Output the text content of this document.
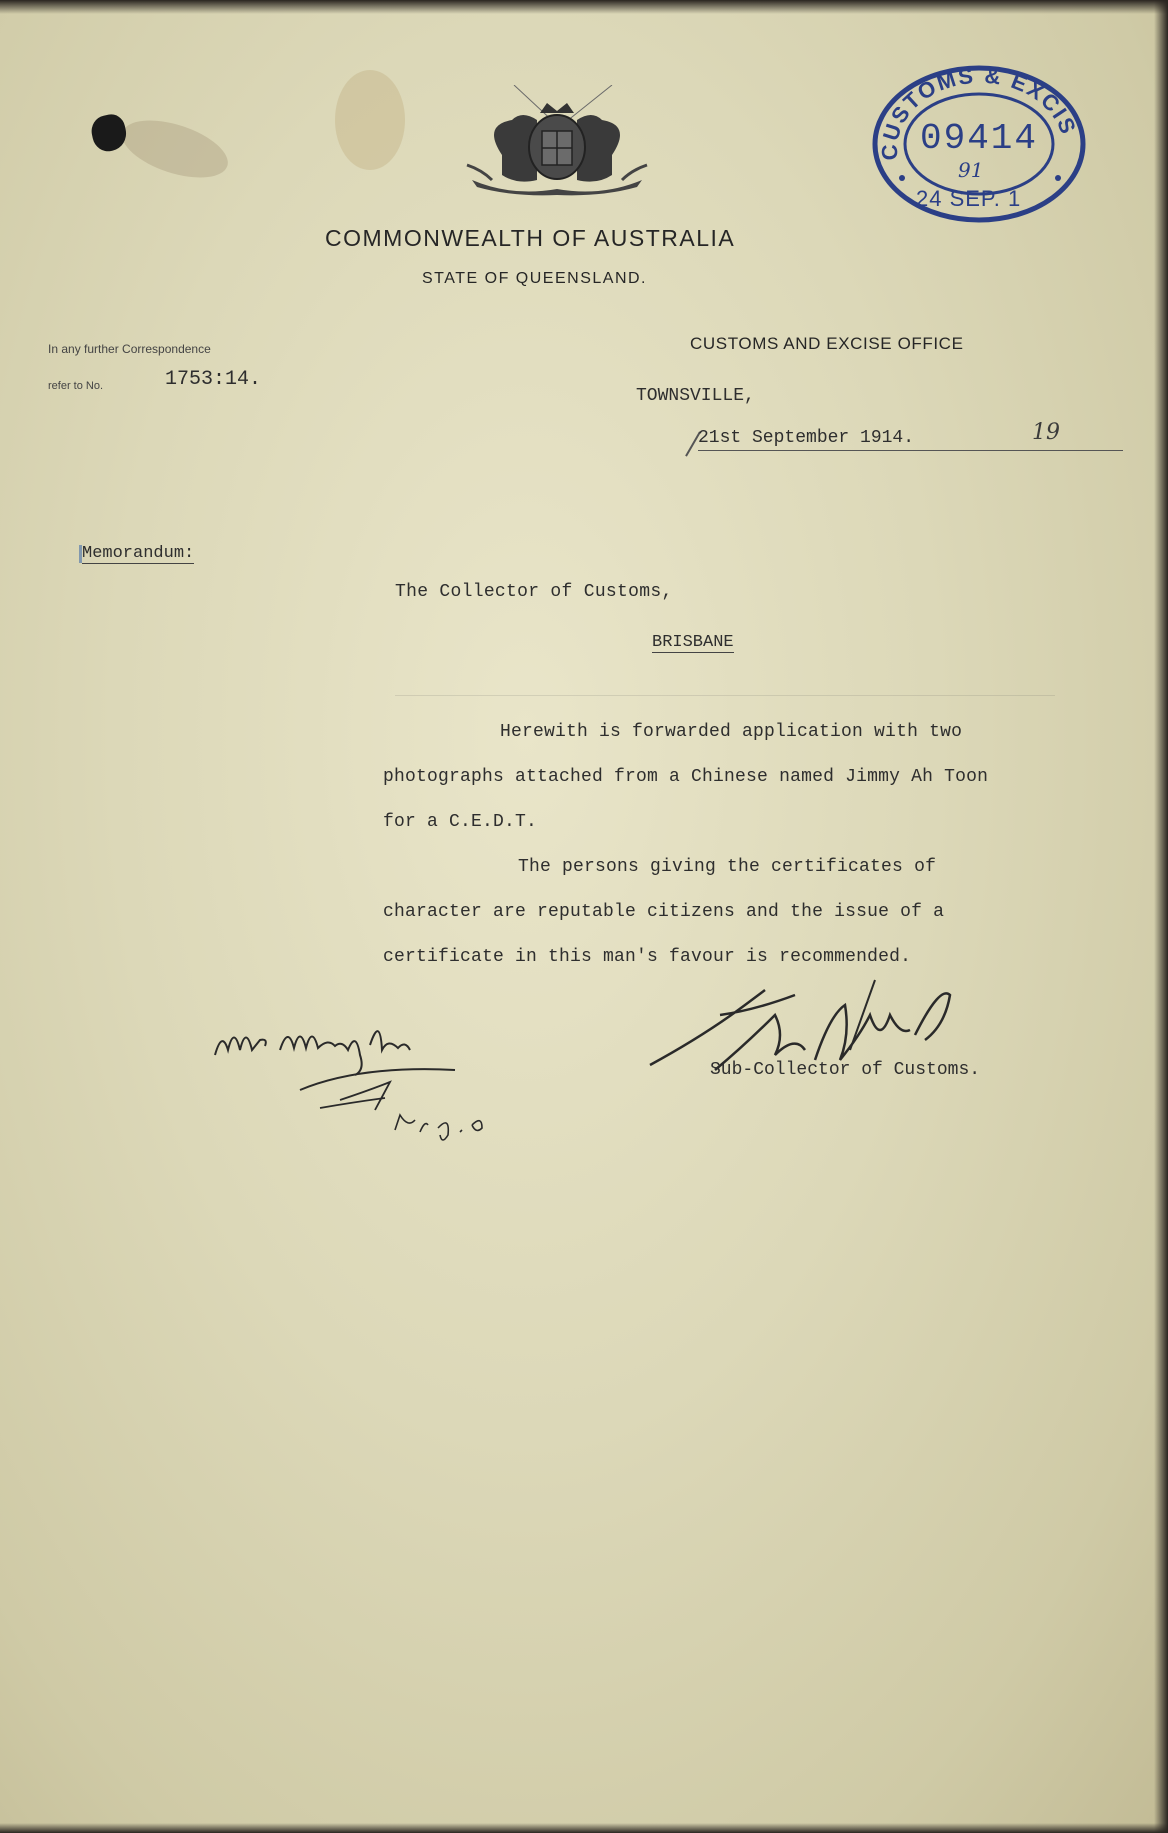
CUSTOMS & EXCIS
09414
91
24 SEP. 1
COMMONWEALTH OF AUSTRALIA
STATE OF QUEENSLAND.
CUSTOMS AND EXCISE OFFICE
In any further Correspondence
refer to No.	1753:14.
TOWNSVILLE,
21st September 1914.	19
Memorandum:
The Collector of Customs,
BRISBANE
Herewith is forwarded application with two
photographs attached from a Chinese named Jimmy Ah Toon
for a C.E.D.T.
The persons giving the certificates of
character are reputable citizens and the issue of a
certificate in this man's favour is recommended.
Sub-Collector of Customs.
